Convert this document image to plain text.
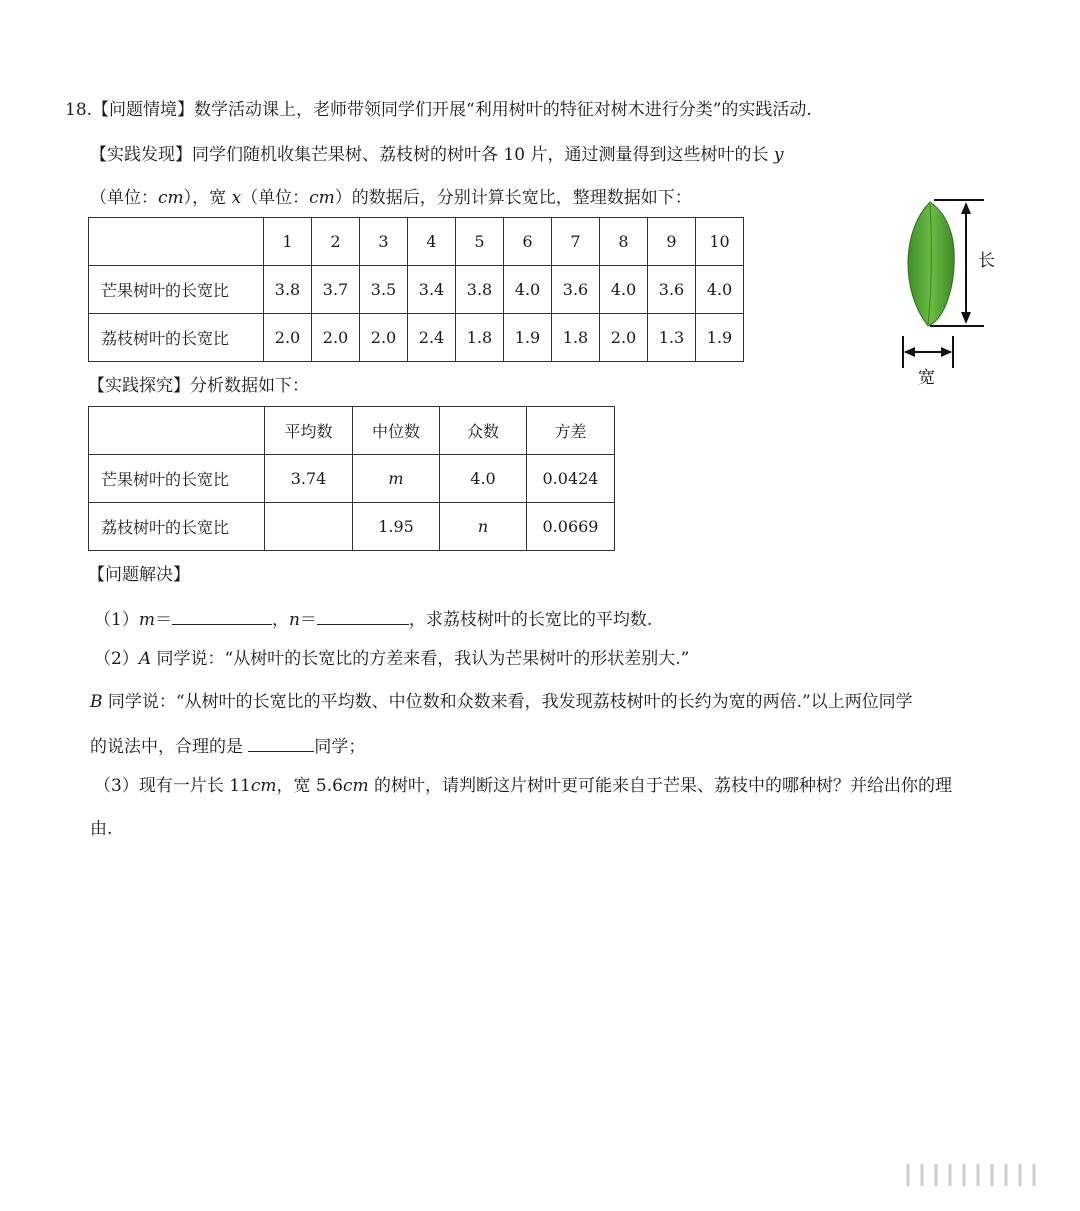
18.【问题情境】数学活动课上，老师带领同学们开展“利用树叶的特征对树木进行分类”的实践活动.
【实践发现】同学们随机收集芒果树、荔枝树的树叶各 10 片，通过测量得到这些树叶的长 y
（单位：cm），宽 x（单位：cm）的数据后，分别计算长宽比，整理数据如下：
	1	2	3	4	5	6	7	8	9	10
芒果树叶的长宽比	3.8	3.7	3.5	3.4	3.8	4.0	3.6	4.0	3.6	4.0
荔枝树叶的长宽比	2.0	2.0	2.0	2.4	1.8	1.9	1.8	2.0	1.3	1.9
长
宽
【实践探究】分析数据如下：
	平均数	中位数	众数	方差
芒果树叶的长宽比	3.74	m	4.0	0.0424
荔枝树叶的长宽比		1.95	n	0.0669
【问题解决】
（1）m＝	，n＝	，求荔枝树叶的长宽比的平均数.
（2）A 同学说：“从树叶的长宽比的方差来看，我认为芒果树叶的形状差别大.”
B 同学说：“从树叶的长宽比的平均数、中位数和众数来看，我发现荔枝树叶的长约为宽的两倍.”以上两位同学
的说法中，合理的是	同学；
（3）现有一片长 11cm，宽 5.6cm 的树叶，请判断这片树叶更可能来自于芒果、荔枝中的哪种树？并给出你的理
由.
